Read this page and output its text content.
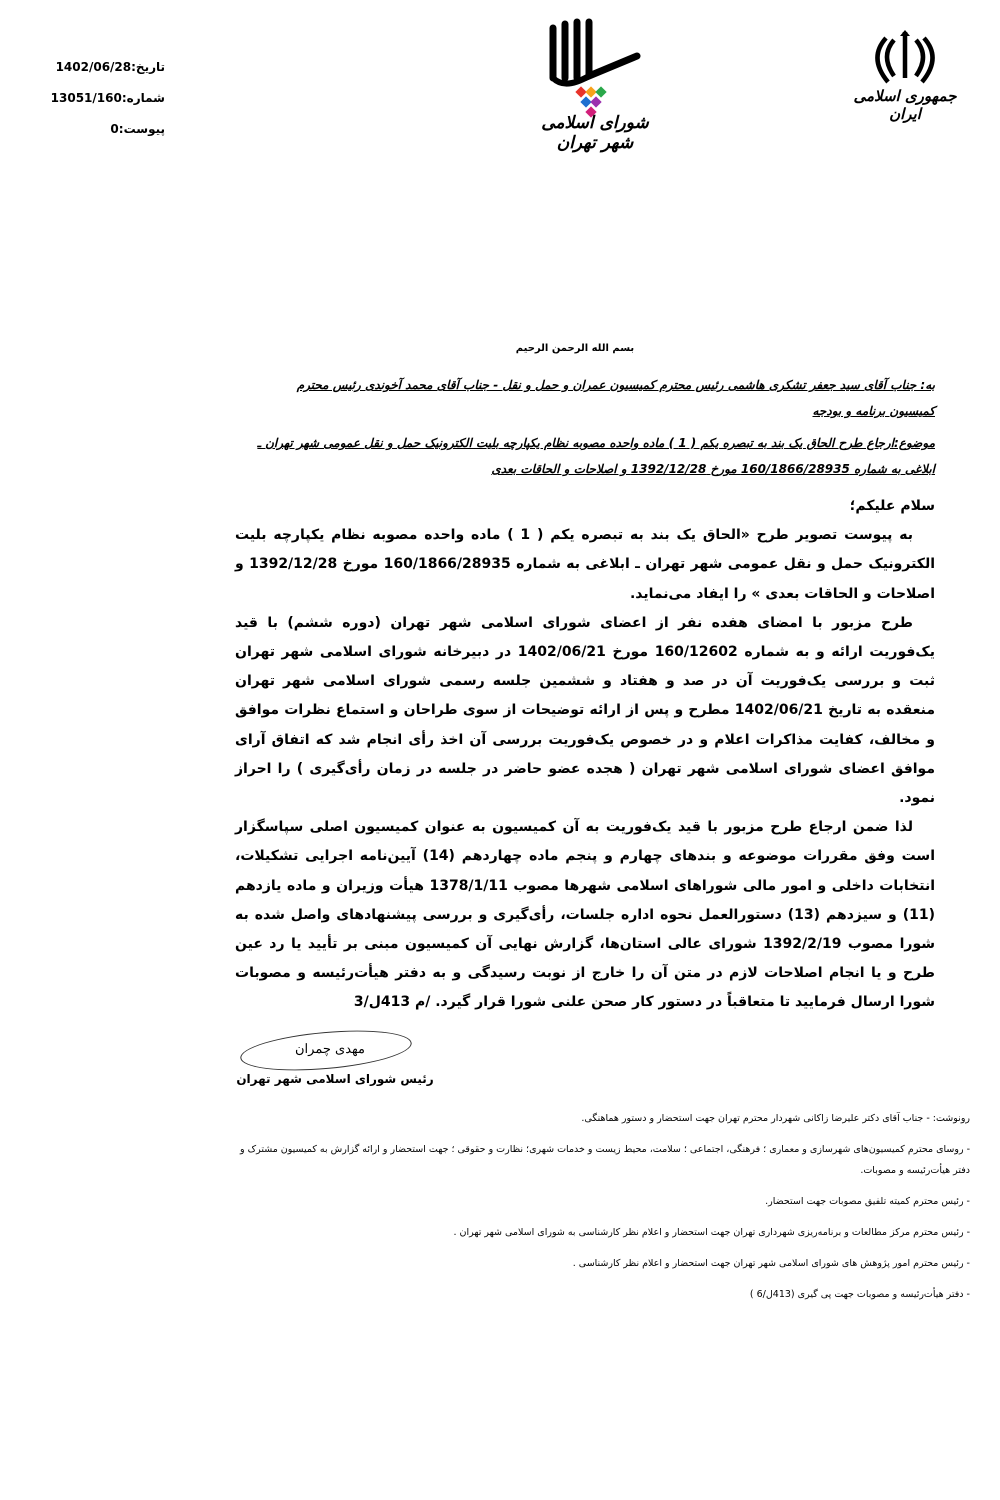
تاریخ:1402/06/28
شماره:13051/160
پیوست:0	شورای اسلامی شهر تهران
جمهوری اسلامی ایران
بسم الله الرحمن الرحیم
به: جناب آقای سید جعفر تشکری هاشمی رئیس محترم کمیسیون عمران و حمل و نقل - جناب آقای محمد آخوندی رئیس محترم کمیسیون برنامه و بودجه
موضوع:ارجاع طرح الحاق یک بند به تبصره یکم ( 1 ) ماده واحده مصوبه نظام یکپارچه بلیت الکترونیک حمل و نقل عمومی شهر تهران ـ ابلاغی به شماره 160/1866/28935 مورخ 1392/12/28 و اصلاحات و الحاقات بعدی

سلام علیکم؛

به پیوست تصویر طرح «الحاق یک بند به تبصره یکم ( 1 ) ماده واحده مصوبه نظام یکپارچه بلیت الکترونیک حمل و نقل عمومی شهر تهران ـ ابلاغی به شماره 160/1866/28935 مورخ 1392/12/28 و اصلاحات و الحاقات بعدی » را ایفاد می‌نماید.

طرح مزبور با امضای هفده نفر از اعضای شورای اسلامی شهر تهران (دوره ششم) با قید یک‌فوریت ارائه و به شماره 160/12602 مورخ 1402/06/21 در دبیرخانه شورای اسلامی شهر تهران ثبت و بررسی یک‌فوریت آن در صد و هفتاد و ششمین جلسه رسمی شورای اسلامی شهر تهران منعقده به تاریخ 1402/06/21 مطرح و پس از ارائه توضیحات از سوی طراحان و استماع نظرات موافق و مخالف، کفایت مذاکرات اعلام و در خصوص یک‌فوریت بررسی آن اخذ رأی انجام شد که اتفاق آرای موافق اعضای شورای اسلامی شهر تهران ( هجده عضو حاضر در جلسه در زمان رأی‌گیری ) را احراز نمود.

لذا ضمن ارجاع طرح مزبور با قید یک‌فوریت به آن کمیسیون به عنوان کمیسیون اصلی سپاسگزار است وفق مقررات موضوعه و بندهای چهارم و پنجم ماده چهاردهم (14) آیین‌نامه اجرایی تشکیلات، انتخابات داخلی و امور مالی شوراهای اسلامی شهرها مصوب 1378/1/11 هیأت وزیران و ماده یازدهم (11) و سیزدهم (13) دستورالعمل نحوه اداره جلسات، رأی‌گیری و بررسی پیشنهادهای واصل شده به شورا مصوب 1392/2/19 شورای عالی استان‌ها، گزارش نهایی آن کمیسیون مبنی بر تأیید یا رد عین طرح و یا انجام اصلاحات لازم در متن آن را خارج از نوبت رسیدگی و به دفتر هیأت‌رئیسه و مصوبات شورا ارسال فرمایید تا متعاقباً در دستور کار صحن علنی شورا قرار گیرد. /م 413ل/3

مهدی چمران
رئیس شورای اسلامی شهر تهران
رونوشت: - جناب آقای دکتر علیرضا زاکانی شهردار محترم تهران جهت استحضار و دستور هماهنگی.
- روسای محترم کمیسیون‌های شهرسازی و معماری ؛ فرهنگی، اجتماعی ؛ سلامت، محیط زیست و خدمات شهری؛ نظارت و حقوقی ؛ جهت استحضار و ارائه گزارش به کمیسیون مشترک و دفتر هیأت‌رئیسه و مصوبات.
- رئیس محترم کمیته تلفیق مصوبات جهت استحضار.
- رئیس محترم مرکز مطالعات و برنامه‌ریزی شهرداری تهران جهت استحضار و اعلام نظر کارشناسی به شورای اسلامی شهر تهران .
- رئیس محترم امور پژوهش های شورای اسلامی شهر تهران جهت استحضار و اعلام نظر کارشناسی .
- دفتر هیأت‌رئیسه و مصوبات جهت پی گیری (413ل/6 )
